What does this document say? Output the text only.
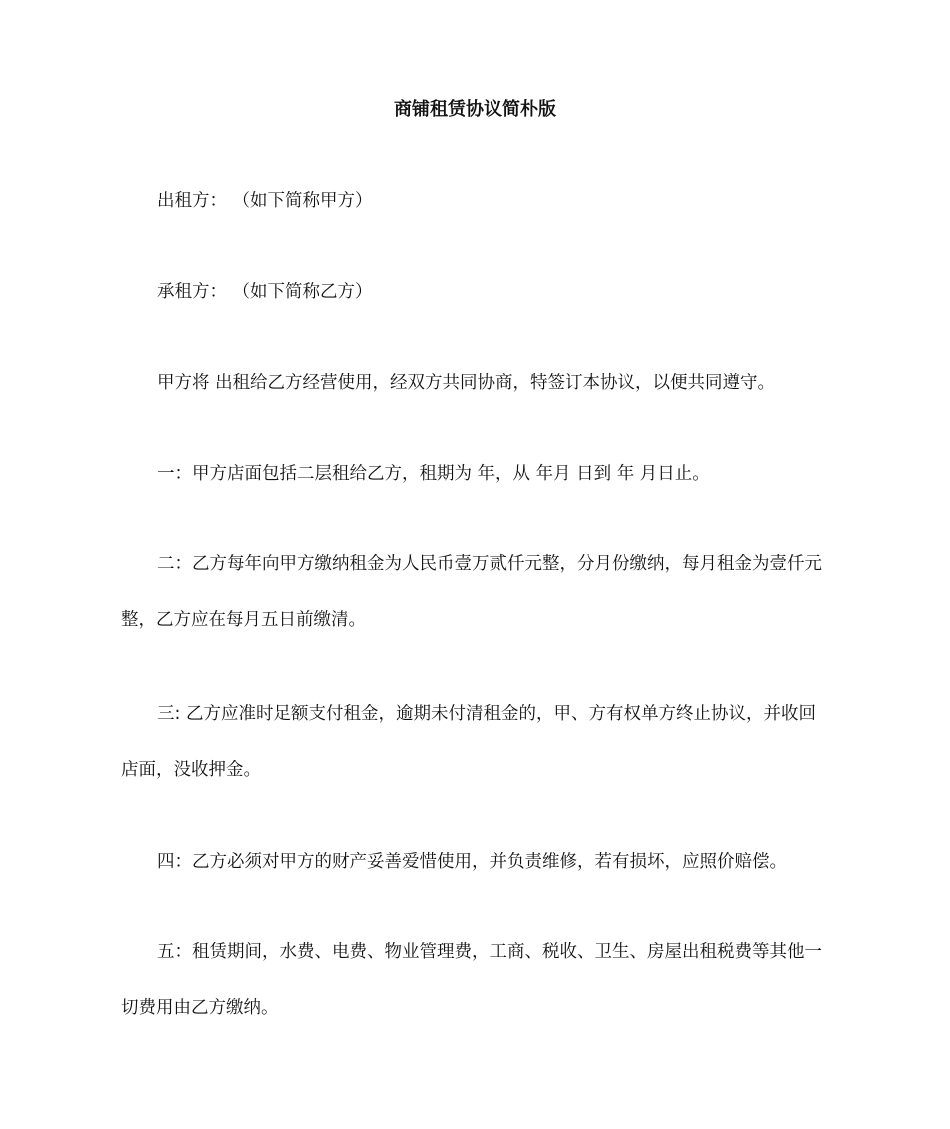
商铺租赁协议简朴版

出租方： （如下简称甲方）

承租方： （如下简称乙方）

甲方将 出租给乙方经营使用，经双方共同协商，特签订本协议，以便共同遵守。

一：甲方店面包括二层租给乙方，租期为 年，从 年月 日到 年 月日止。

二：乙方每年向甲方缴纳租金为人民币壹万贰仟元整，分月份缴纳，每月租金为壹仟元整，乙方应在每月五日前缴清。

三: 乙方应准时足额支付租金，逾期未付清租金的，甲、方有权单方终止协议，并收回店面，没收押金。

四：乙方必须对甲方的财产妥善爱惜使用，并负责维修，若有损坏，应照价赔偿。

五：租赁期间，水费、电费、物业管理费，工商、税收、卫生、房屋出租税费等其他一切费用由乙方缴纳。
